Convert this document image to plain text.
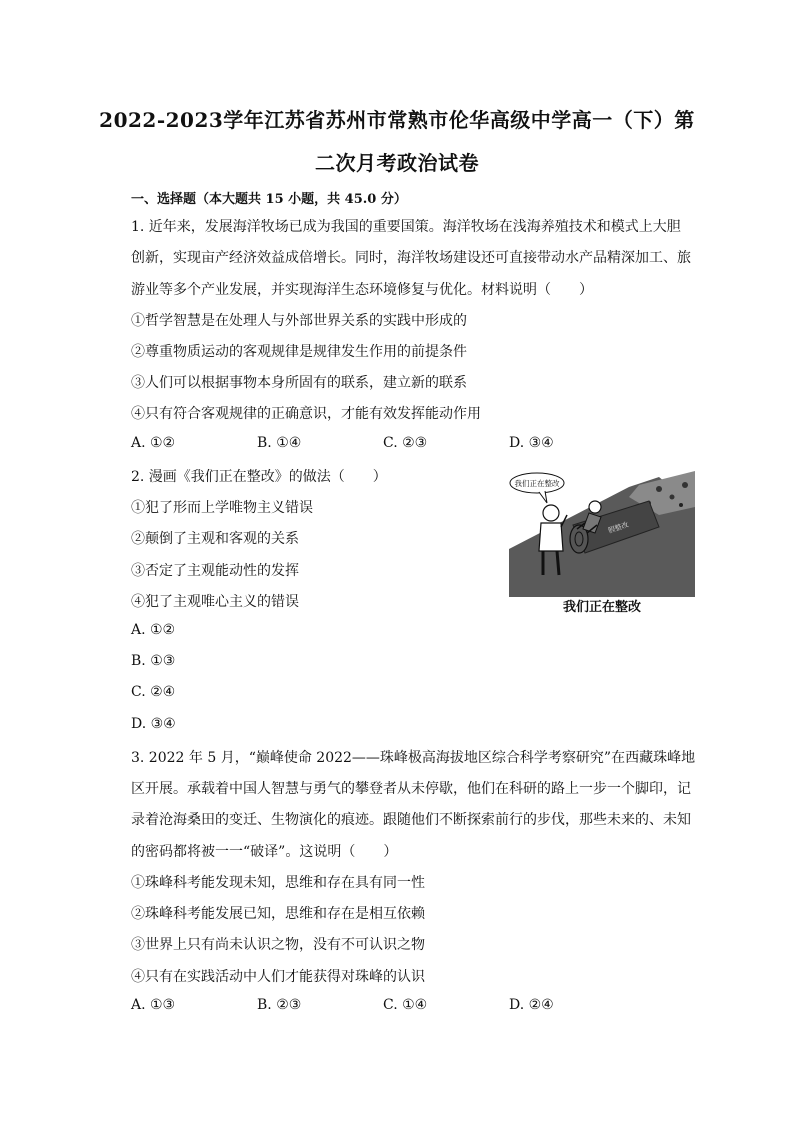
2022-2023学年江苏省苏州市常熟市伦华高级中学高一（下）第
二次月考政治试卷
一、选择题（本大题共 15 小题，共 45.0 分）
1. 近年来，发展海洋牧场已成为我国的重要国策。海洋牧场在浅海养殖技术和模式上大胆
创新，实现亩产经济效益成倍增长。同时，海洋牧场建设还可直接带动水产品精深加工、旅
游业等多个产业发展，并实现海洋生态环境修复与优化。材料说明（　　）
①哲学智慧是在处理人与外部世界关系的实践中形成的
②尊重物质运动的客观规律是规律发生作用的前提条件
③人们可以根据事物本身所固有的联系，建立新的联系
④只有符合客观规律的正确意识，才能有效发挥能动作用
A. ①②	B. ①④	C. ②③	D. ③④
2. 漫画《我们正在整改》的做法（　　）
①犯了形而上学唯物主义错误
②颠倒了主观和客观的关系
③否定了主观能动性的发挥
④犯了主观唯心主义的错误
A. ①②
B. ①③
C. ②④
D. ③④
假整改
我们正在整改
我们正在整改
3. 2022 年 5 月，“巅峰使命 2022——珠峰极高海拔地区综合科学考察研究”在西藏珠峰地
区开展。承载着中国人智慧与勇气的攀登者从未停歇，他们在科研的路上一步一个脚印，记
录着沧海桑田的变迁、生物演化的痕迹。跟随他们不断探索前行的步伐，那些未来的、未知
的密码都将被一一“破译”。这说明（　　）
①珠峰科考能发现未知，思维和存在具有同一性
②珠峰科考能发展已知，思维和存在是相互依赖
③世界上只有尚未认识之物，没有不可认识之物
④只有在实践活动中人们才能获得对珠峰的认识
A. ①③	B. ②③	C. ①④	D. ②④
